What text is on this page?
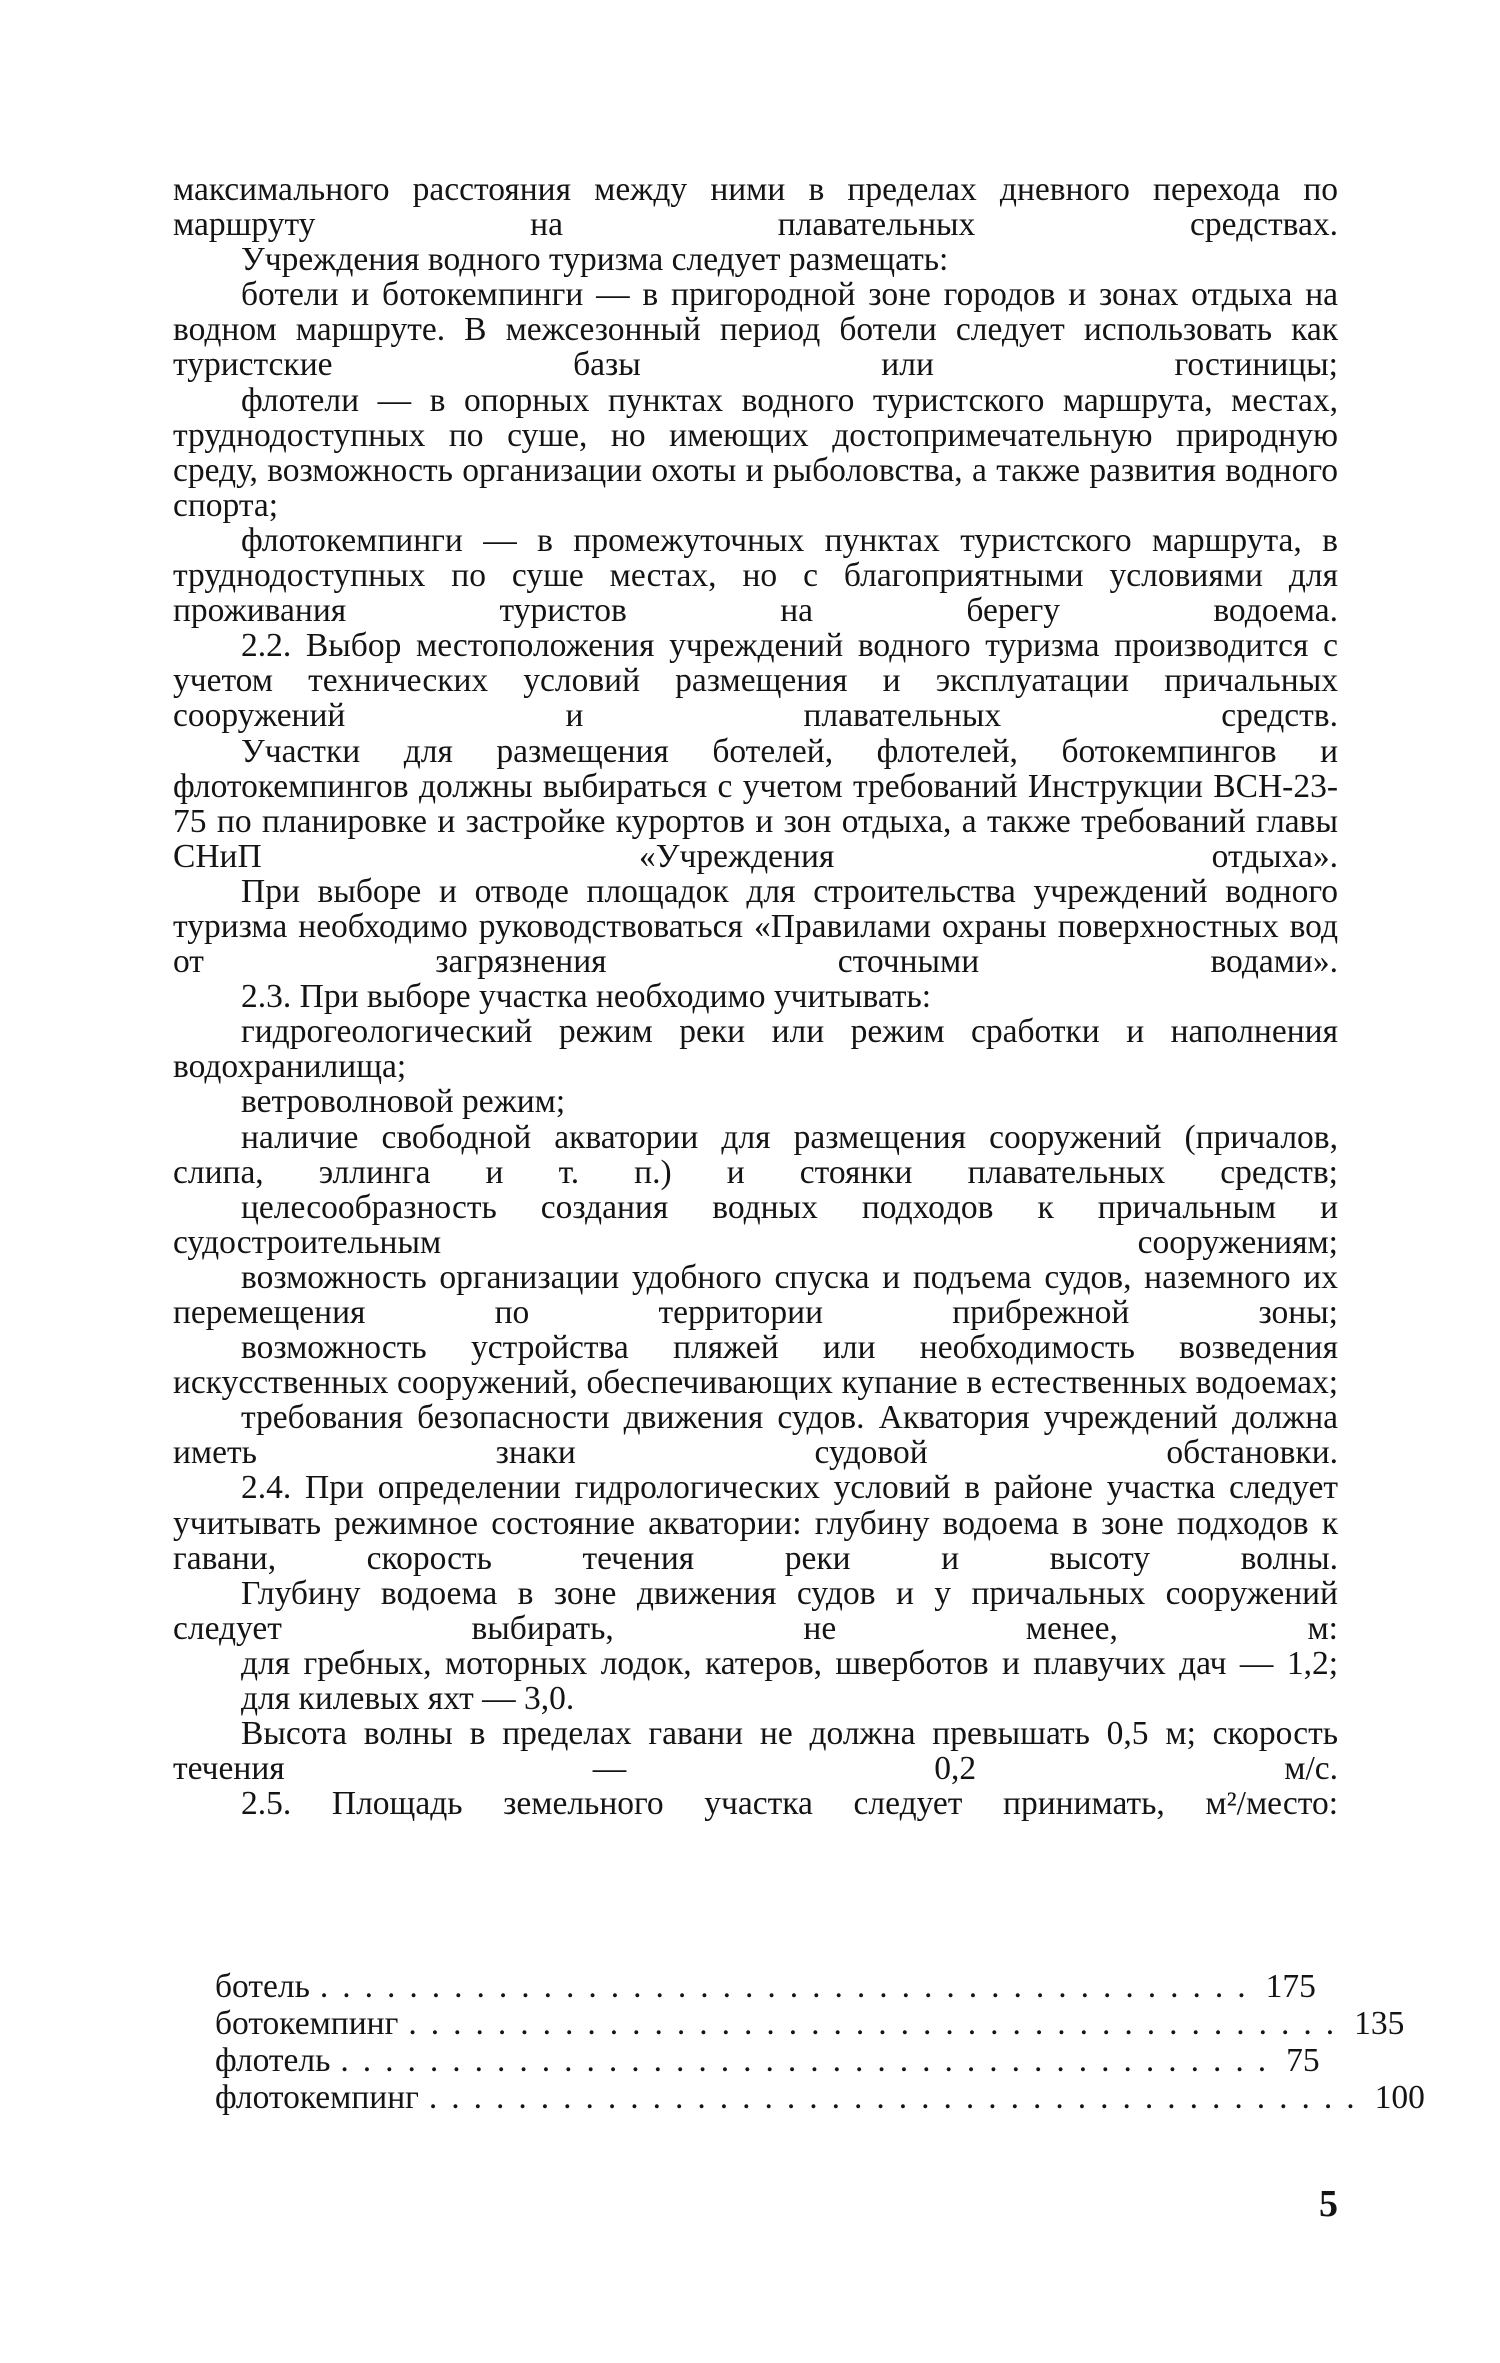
максимального расстояния между ними в пределах дневного перехода по маршруту на плавательных средствах.

Учреждения водного туризма следует размещать:

ботели и ботокемпинги — в пригородной зоне городов и зонах отдыха на водном маршруте. В межсезонный период ботели следует использовать как туристские базы или гостиницы;

флотели — в опорных пунктах водного туристского маршрута, местах, труднодоступных по суше, но имеющих достопримечательную природную среду, возможность организации охоты и рыболовства, а также развития водного спорта;

флотокемпинги — в промежуточных пунктах туристского маршрута, в труднодоступных по суше местах, но с благоприятными условиями для проживания туристов на берегу водоема.

2.2. Выбор местоположения учреждений водного туризма производится с учетом технических условий размещения и эксплуатации причальных сооружений и плавательных средств.

Участки для размещения ботелей, флотелей, ботокемпингов и флотокемпингов должны выбираться с учетом требований Инструкции ВСН-23-75 по планировке и застройке курортов и зон отдыха, а также требований главы СНиП «Учреждения отдыха».

При выборе и отводе площадок для строительства учреждений водного туризма необходимо руководствоваться «Правилами охраны поверхностных вод от загрязнения сточными водами».

2.3. При выборе участка необходимо учитывать:

гидрогеологический режим реки или режим сработки и наполнения водохранилища;

ветроволновой режим;

наличие свободной акватории для размещения сооружений (причалов, слипа, эллинга и т. п.) и стоянки плавательных средств;

целесообразность создания водных подходов к причальным и судостроительным сооружениям;

возможность организации удобного спуска и подъема судов, наземного их перемещения по территории прибрежной зоны;

возможность устройства пляжей или необходимость возведения искусственных сооружений, обеспечивающих купание в естественных водоемах;

требования безопасности движения судов. Акватория учреждений должна иметь знаки судовой обстановки.

2.4. При определении гидрологических условий в районе участка следует учитывать режимное состояние акватории: глубину водоема в зоне подходов к гавани, скорость течения реки и высоту волны.

Глубину водоема в зоне движения судов и у причальных сооружений следует выбирать, не менее, м:

для гребных, моторных лодок, катеров, шверботов и плавучих дач — 1,2;

для килевых яхт — 3,0.

Высота волны в пределах гавани не должна превышать 0,5 м; скорость течения — 0,2 м/с.

2.5. Площадь земельного участка следует принимать, м²/место:

ботель .......................................... 175
ботокемпинг .......................................... 135
флотель .......................................... 75
флотокемпинг .......................................... 100
5
